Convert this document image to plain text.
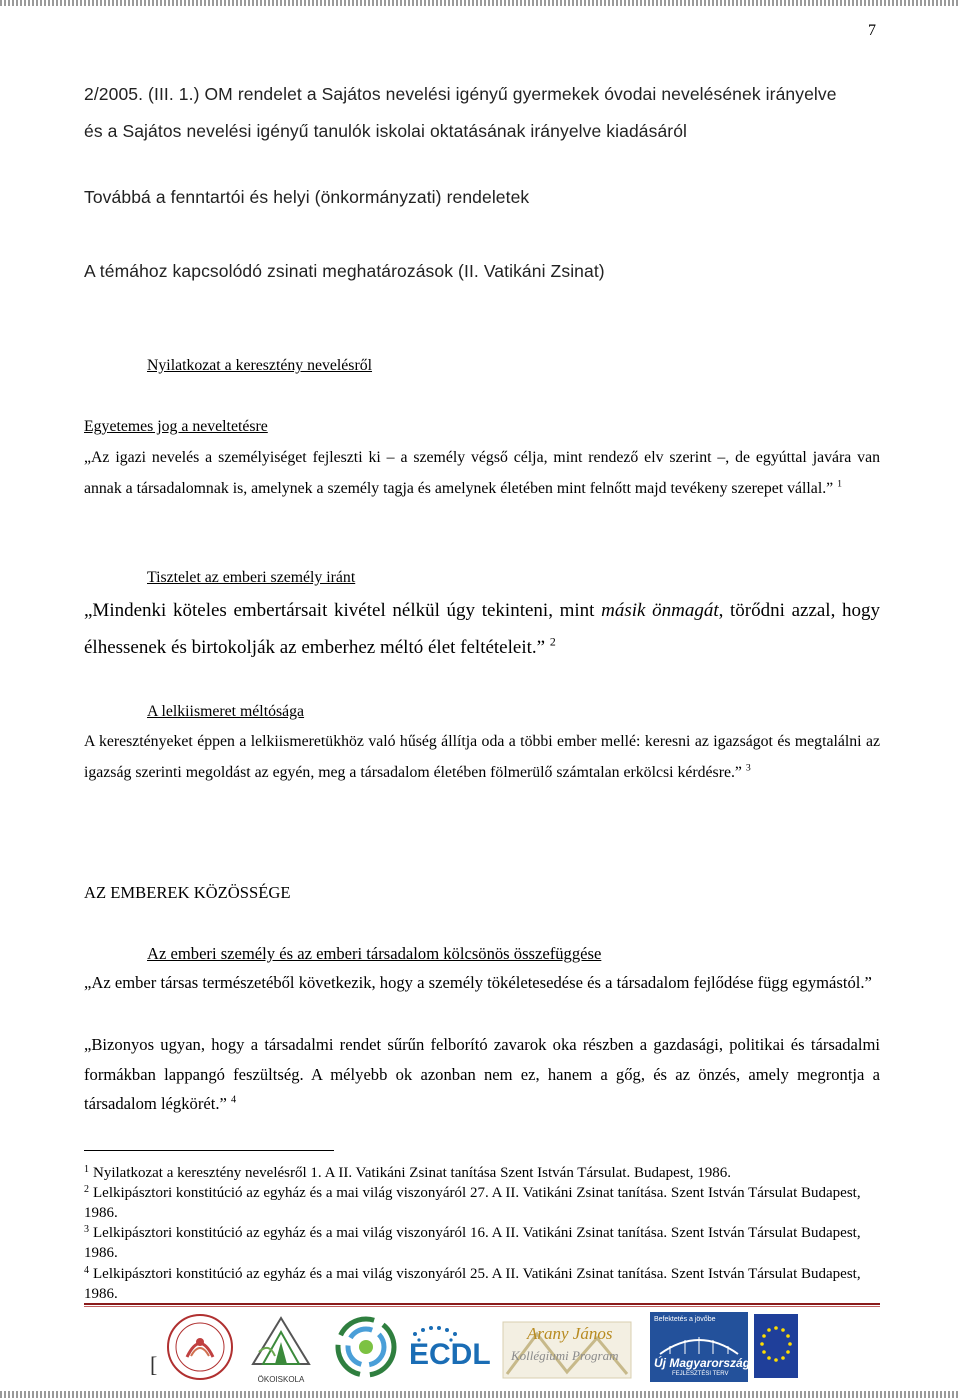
7
2/2005. (III. 1.) OM rendelet a Sajátos nevelési igényű gyermekek óvodai nevelésének irányelve
és a Sajátos nevelési igényű tanulók iskolai oktatásának irányelve kiadásáról
Továbbá a fenntartói és helyi (önkormányzati) rendeletek
A témához kapcsolódó zsinati meghatározások (II. Vatikáni Zsinat)
Nyilatkozat a keresztény nevelésről
Egyetemes jog a neveltetésre
„Az igazi nevelés a személyiséget fejleszti ki – a személy végső célja, mint rendező elv szerint –, de egyúttal javára van annak a társadalomnak is, amelynek a személy tagja és amelynek életében mint felnőtt majd tevékeny szerepet vállal.” $^1$
Tisztelet az emberi személy iránt
„Mindenki köteles embertársait kivétel nélkül úgy tekinteni, mint másik önmagát, törődni azzal, hogy élhessenek és birtokolják az emberhez méltó élet feltételeit.” $^2$
A lelkiismeret méltósága
A keresztényeket éppen a lelkiismeretükhöz való hűség állítja oda a többi ember mellé: keresni az igazságot és megtalálni az igazság szerinti megoldást az egyén, meg a társadalom életében fölmerülő számtalan erkölcsi kérdésre.” $^3$
AZ EMBEREK KÖZÖSSÉGE
Az emberi személy és az emberi társadalom kölcsönös összefüggése
„Az ember társas természetéből következik, hogy a személy tökéletesedése és a társadalom fejlődése függ egymástól.”
„Bizonyos ugyan, hogy a társadalmi rendet sűrűn felborító zavarok oka részben a gazdasági, politikai és társadalmi formákban lappangó feszültség. A mélyebb ok azonban nem ez, hanem a gőg, és az önzés, amely megrontja a társadalom légkörét.” $^4$
$^1$ Nyilatkozat a keresztény nevelésről 1. A II. Vatikáni Zsinat tanítása Szent István Társulat. Budapest, 1986.
$^2$ Lelkipásztori konstitúció az egyház és a mai világ viszonyáról 27. A II. Vatikáni Zsinat tanítása. Szent István Társulat Budapest, 1986.
$^3$ Lelkipásztori konstitúció az egyház és a mai világ viszonyáról 16. A II. Vatikáni Zsinat tanítása. Szent István Társulat Budapest, 1986.
$^4$ Lelkipásztori konstitúció az egyház és a mai világ viszonyáról 25. A II. Vatikáni Zsinat tanítása. Szent István Társulat Budapest, 1986.
ÖKOISKOLA
ECDL
Arany János
Kollégiumi Program
Befektetés a jövőbe
Új Magyarország
FEJLESZTÉSI TERV
[
